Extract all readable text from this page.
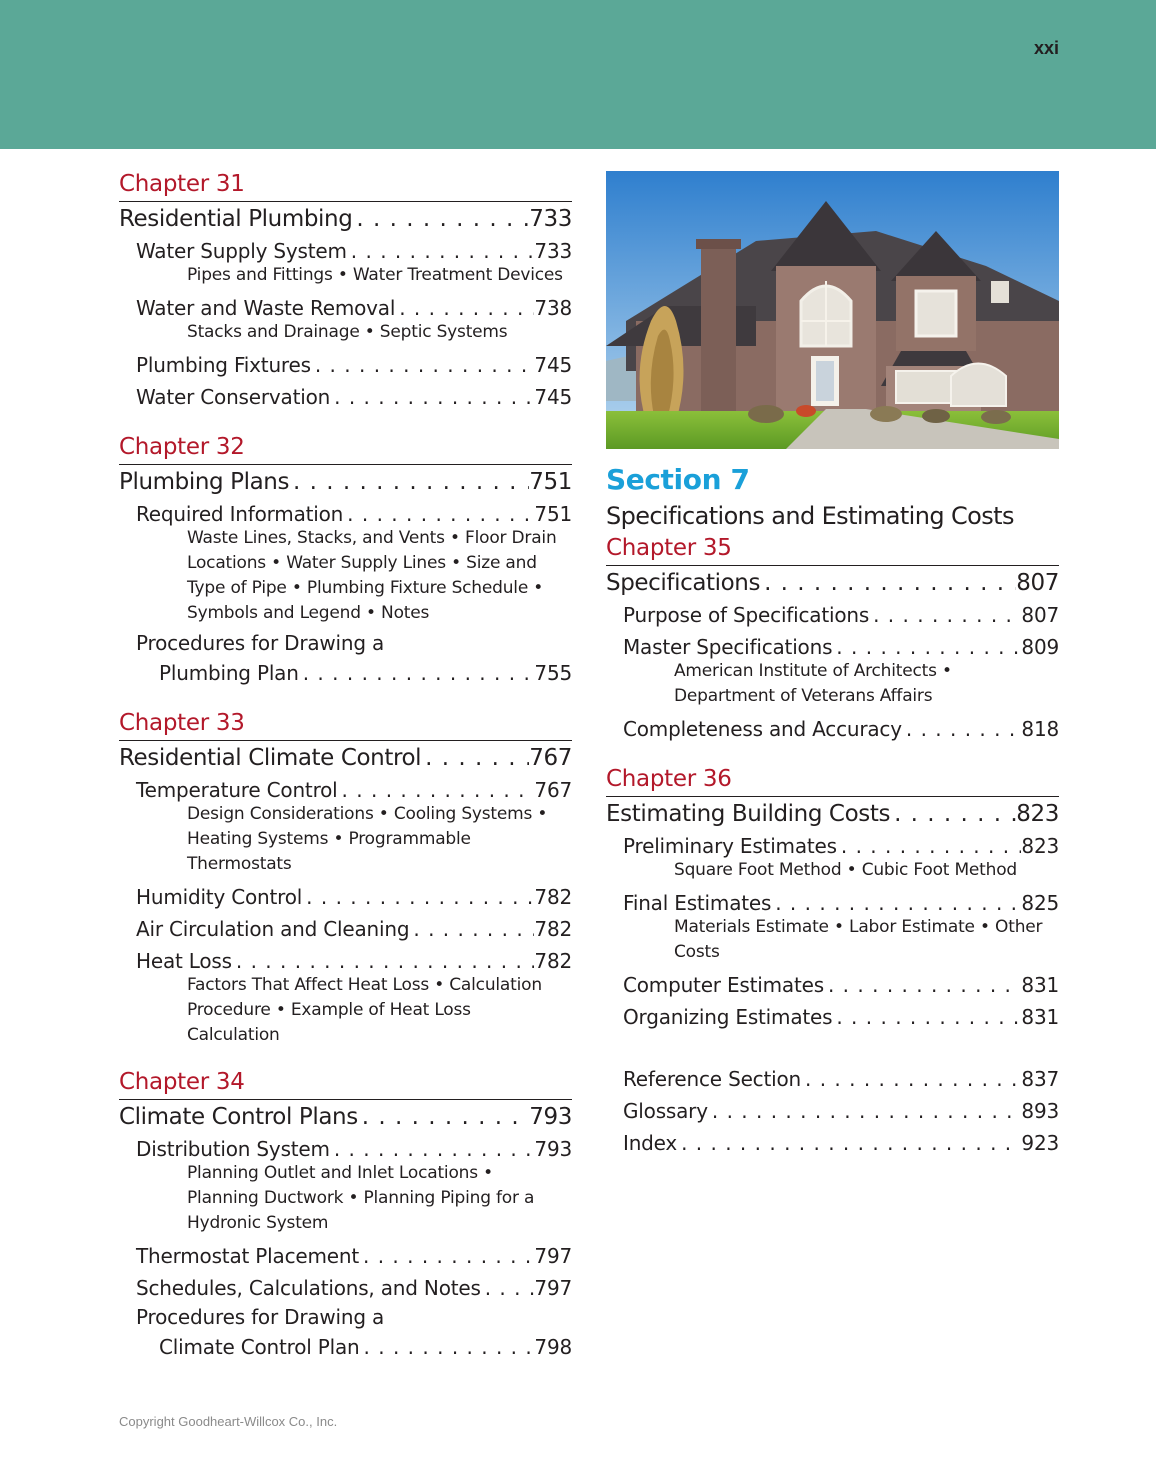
xxi
Chapter 31
Residential Plumbing . . .	733
Water Supply System . . .	733
Pipes and Fittings • Water Treatment Devices
Water and Waste Removal . . .	738
Stacks and Drainage • Septic Systems
Plumbing Fixtures . . .	745
Water Conservation . . .	745
Chapter 32
Plumbing Plans . . .	751
Required Information . . .	751
Waste Lines, Stacks, and Vents • Floor Drain Locations • Water Supply Lines • Size and Type of Pipe • Plumbing Fixture Schedule • Symbols and Legend • Notes
Procedures for Drawing a
Plumbing Plan . . .	755
Chapter 33
Residential Climate Control . . .	767
Temperature Control . . .	767
Design Considerations • Cooling Systems • Heating Systems • Programmable Thermostats
Humidity Control . . .	782
Air Circulation and Cleaning . . .	782
Heat Loss . . .	782
Factors That Affect Heat Loss • Calculation Procedure • Example of Heat Loss Calculation
Chapter 34
Climate Control Plans . . .	793
Distribution System . . .	793
Planning Outlet and Inlet Locations • Planning Ductwork • Planning Piping for a Hydronic System
Thermostat Placement . . .	797
Schedules, Calculations, and Notes . . .	797
Procedures for Drawing a
Climate Control Plan . . .	798
Section 7
Specifications and Estimating Costs
Chapter 35
Specifications . . .	807
Purpose of Specifications . . .	807
Master Specifications . . .	809
American Institute of Architects • Department of Veterans Affairs
Completeness and Accuracy . . .	818
Chapter 36
Estimating Building Costs . . .	823
Preliminary Estimates . . .	823
Square Foot Method • Cubic Foot Method
Final Estimates . . .	825
Materials Estimate • Labor Estimate • Other Costs
Computer Estimates . . .	831
Organizing Estimates . . .	831
Reference Section . . .	837
Glossary . . .	893
Index . . .	923
Copyright Goodheart-Willcox Co., Inc.
